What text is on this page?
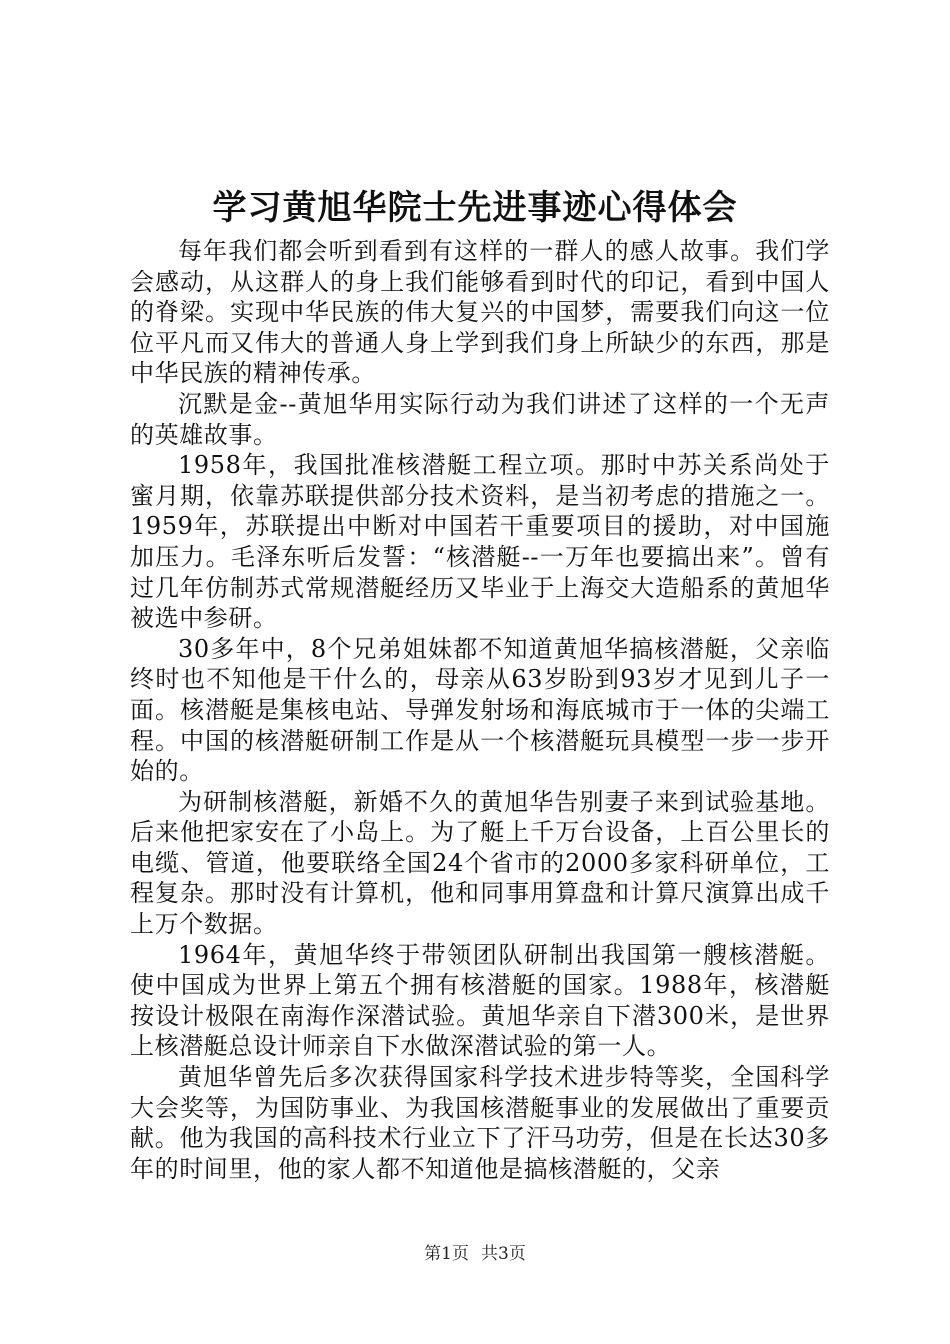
学习黄旭华院士先进事迹心得体会

每年我们都会听到看到有这样的一群人的感人故事。我们学会感动，从这群人的身上我们能够看到时代的印记，看到中国人的脊梁。实现中华民族的伟大复兴的中国梦，需要我们向这一位位平凡而又伟大的普通人身上学到我们身上所缺少的东西，那是中华民族的精神传承。

沉默是金--黄旭华用实际行动为我们讲述了这样的一个无声的英雄故事。

1958年，我国批准核潜艇工程立项。那时中苏关系尚处于蜜月期，依靠苏联提供部分技术资料，是当初考虑的措施之一。1959年，苏联提出中断对中国若干重要项目的援助，对中国施加压力。毛泽东听后发誓：“核潜艇--一万年也要搞出来”。曾有过几年仿制苏式常规潜艇经历又毕业于上海交大造船系的黄旭华被选中参研。

30多年中，8个兄弟姐妹都不知道黄旭华搞核潜艇，父亲临终时也不知他是干什么的，母亲从63岁盼到93岁才见到儿子一面。核潜艇是集核电站、导弹发射场和海底城市于一体的尖端工程。中国的核潜艇研制工作是从一个核潜艇玩具模型一步一步开始的。

为研制核潜艇，新婚不久的黄旭华告别妻子来到试验基地。后来他把家安在了小岛上。为了艇上千万台设备，上百公里长的电缆、管道，他要联络全国24个省市的2000多家科研单位，工程复杂。那时没有计算机，他和同事用算盘和计算尺演算出成千上万个数据。

1964年，黄旭华终于带领团队研制出我国第一艘核潜艇。使中国成为世界上第五个拥有核潜艇的国家。1988年，核潜艇按设计极限在南海作深潜试验。黄旭华亲自下潜300米，是世界上核潜艇总设计师亲自下水做深潜试验的第一人。

黄旭华曾先后多次获得国家科学技术进步特等奖，全国科学大会奖等，为国防事业、为我国核潜艇事业的发展做出了重要贡献。他为我国的高科技术行业立下了汗马功劳，但是在长达30多年的时间里，他的家人都不知道他是搞核潜艇的，父亲

第1页 共3页
